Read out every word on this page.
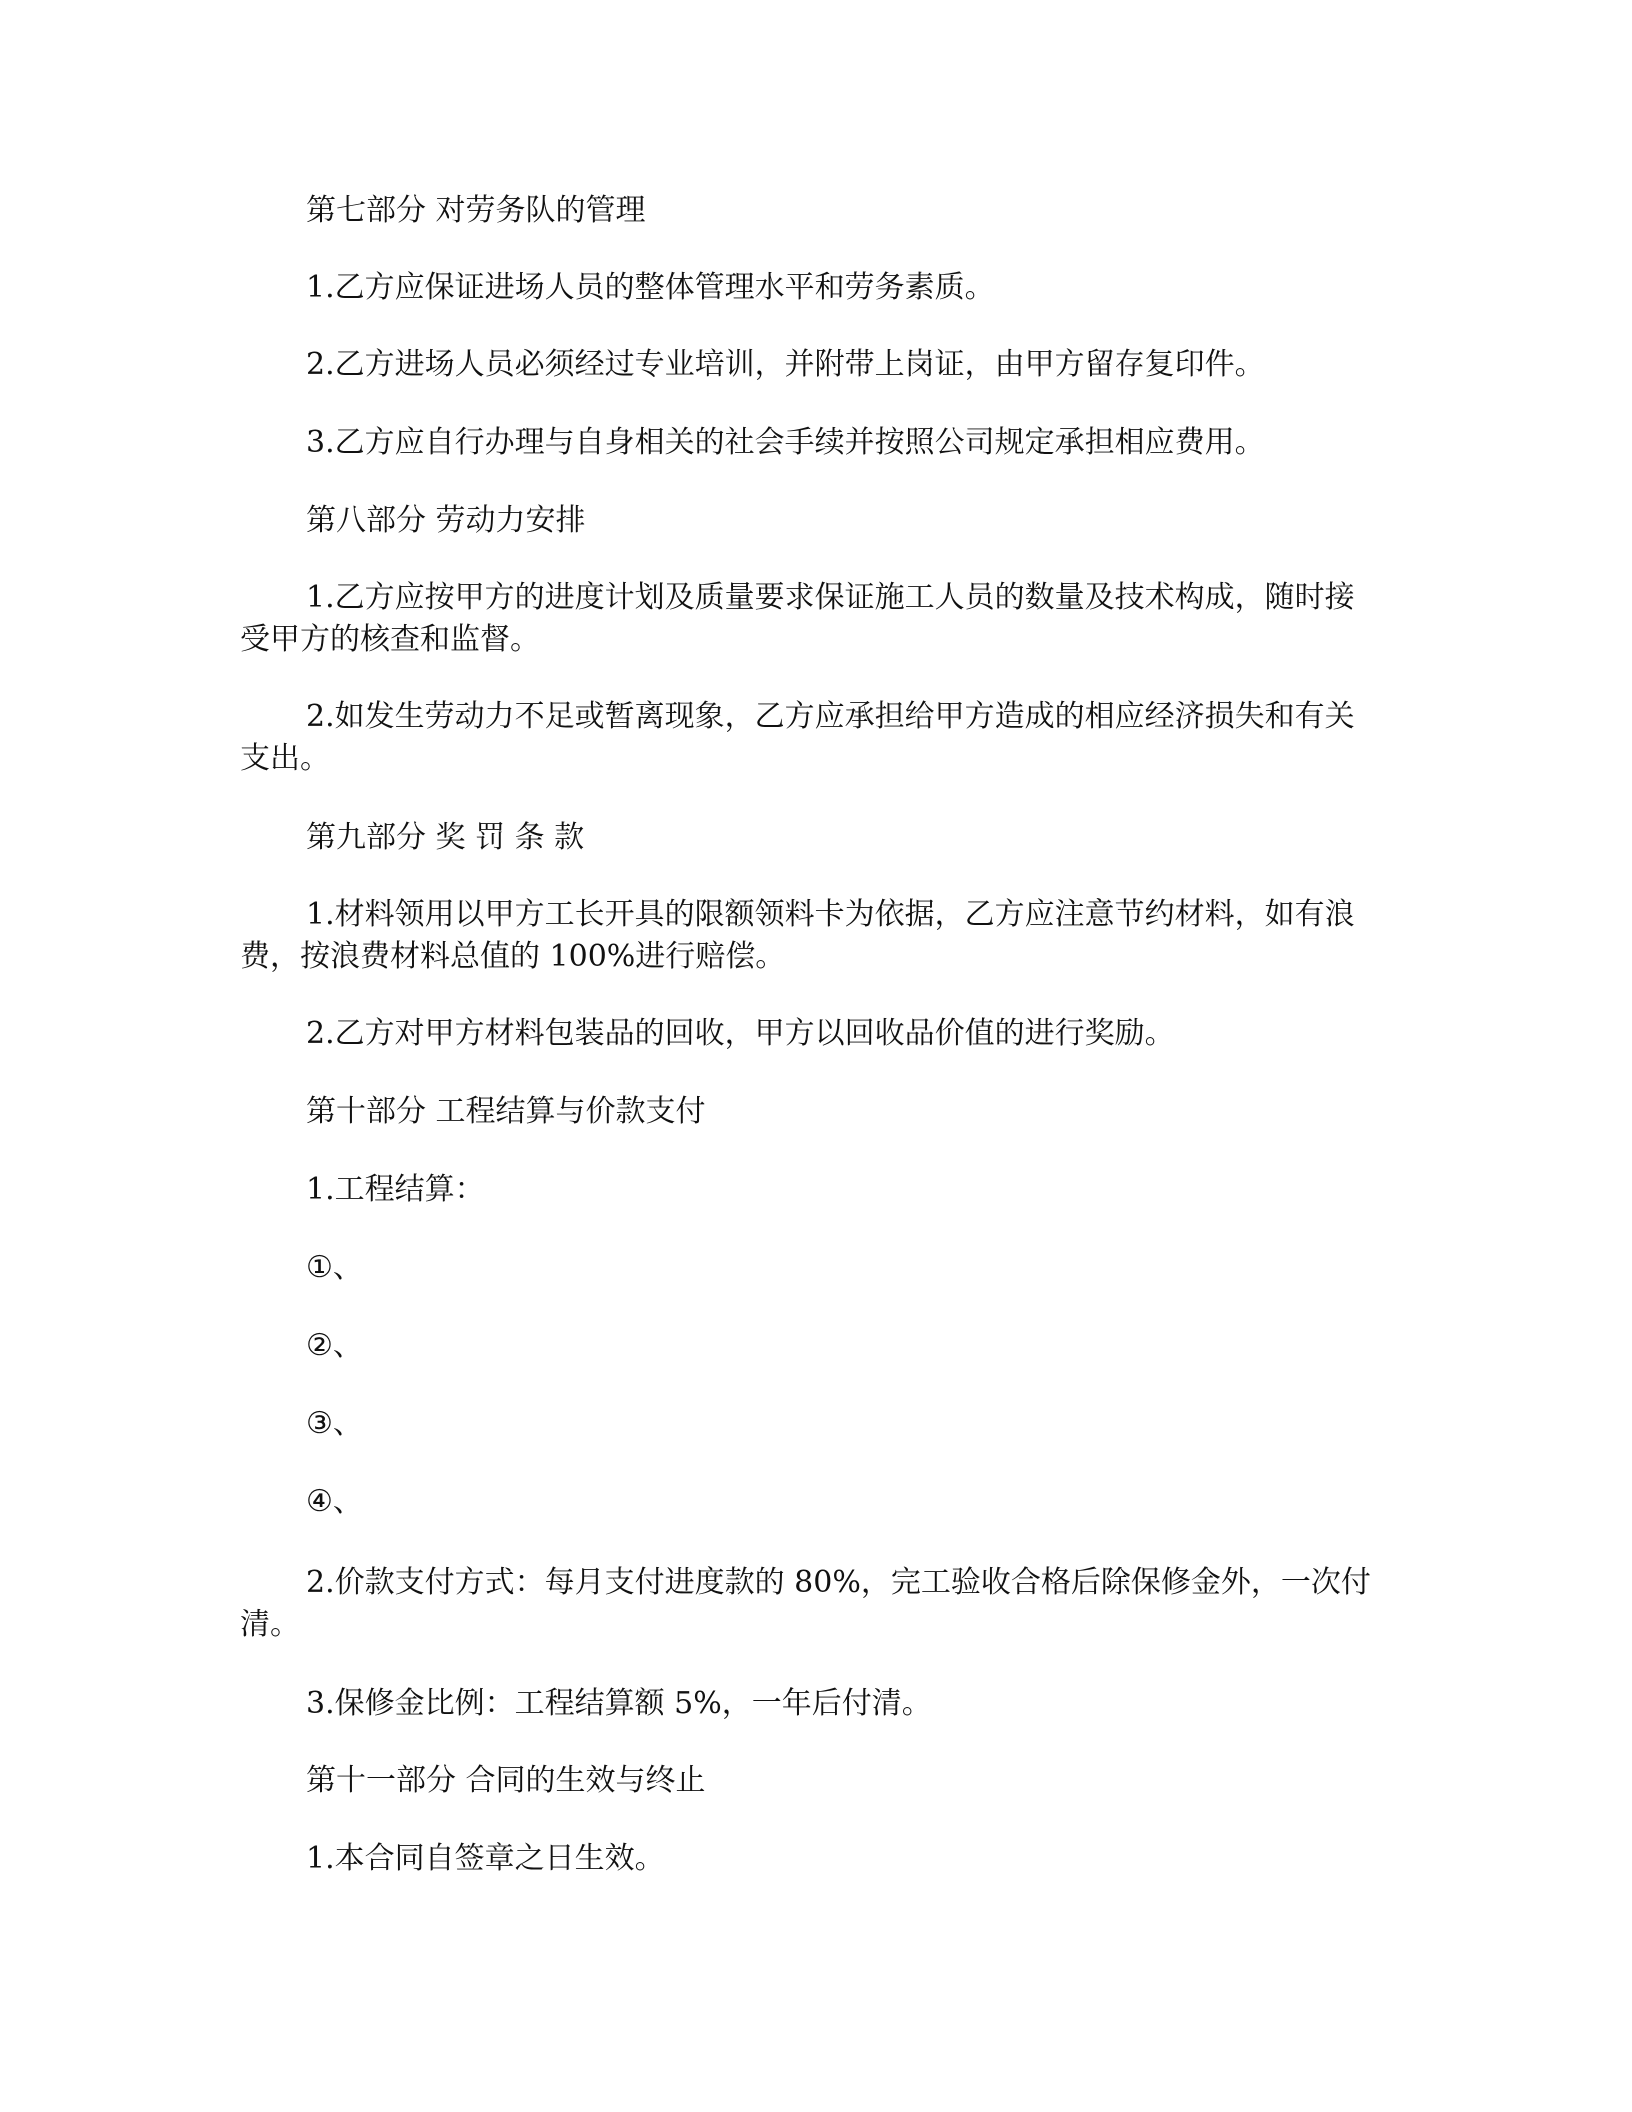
第七部分 对劳务队的管理

1.乙方应保证进场人员的整体管理水平和劳务素质。

2.乙方进场人员必须经过专业培训，并附带上岗证，由甲方留存复印件。

3.乙方应自行办理与自身相关的社会手续并按照公司规定承担相应费用。

第八部分 劳动力安排

1.乙方应按甲方的进度计划及质量要求保证施工人员的数量及技术构成，随时接受甲方的核查和监督。

2.如发生劳动力不足或暂离现象，乙方应承担给甲方造成的相应经济损失和有关支出。

第九部分 奖 罚 条 款

1.材料领用以甲方工长开具的限额领料卡为依据，乙方应注意节约材料，如有浪费，按浪费材料总值的 100%进行赔偿。

2.乙方对甲方材料包装品的回收，甲方以回收品价值的进行奖励。

第十部分 工程结算与价款支付

1.工程结算：

①、

②、

③、

④、

2.价款支付方式：每月支付进度款的 80%，完工验收合格后除保修金外，一次付清。

3.保修金比例：工程结算额 5%，一年后付清。

第十一部分 合同的生效与终止

1.本合同自签章之日生效。
